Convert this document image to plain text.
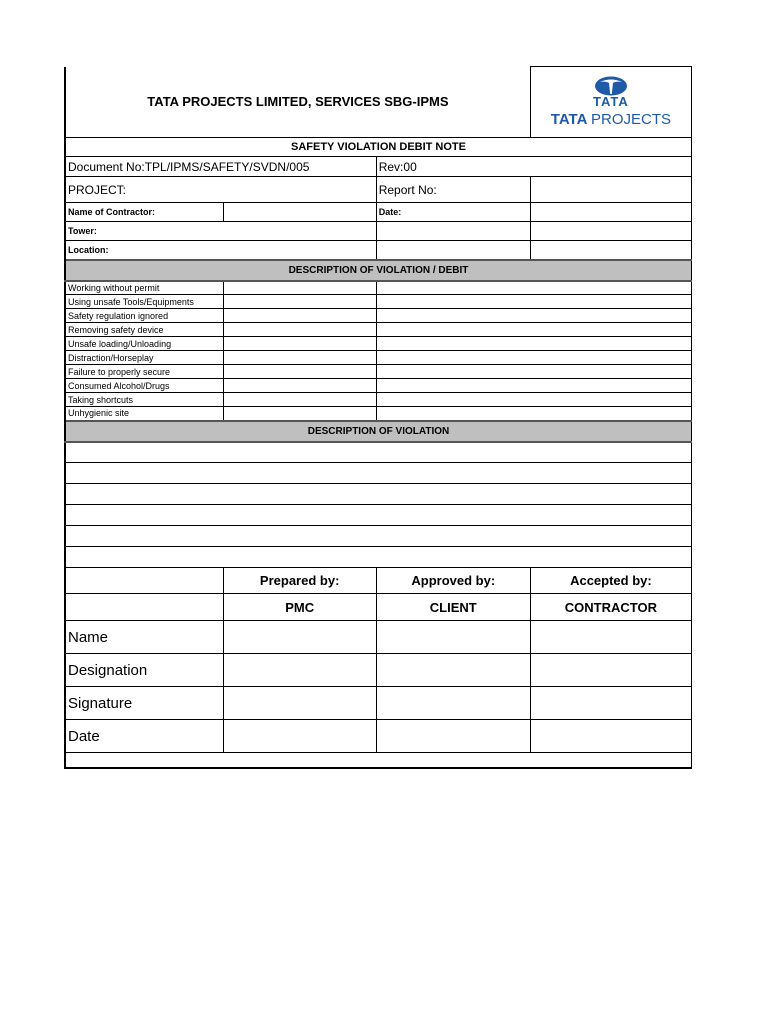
TATA PROJECTS LIMITED, SERVICES SBG-IPMS			TATA
TATA PROJECTS

SAFETY VIOLATION DEBIT NOTE			
Document No:TPL/IPMS/SAFETY/SVDN/005		Rev:00	
PROJECT:		Report No:	
Name of Contractor:		Date:	
Tower:			
Location:			
DESCRIPTION OF VIOLATION / DEBIT			
Working without permit			
Using unsafe Tools/Equipments			
Safety regulation ignored			
Removing safety device			
Unsafe loading/Unloading			
Distraction/Horseplay			
Failure to properly secure			
Consumed Alcohol/Drugs			
Taking shortcuts			
Unhygienic site			
DESCRIPTION OF VIOLATION			

	Prepared by:	Approved by:	Accepted by:
	PMC	CLIENT	CONTRACTOR
Name			
Designation			
Signature			
Date			
